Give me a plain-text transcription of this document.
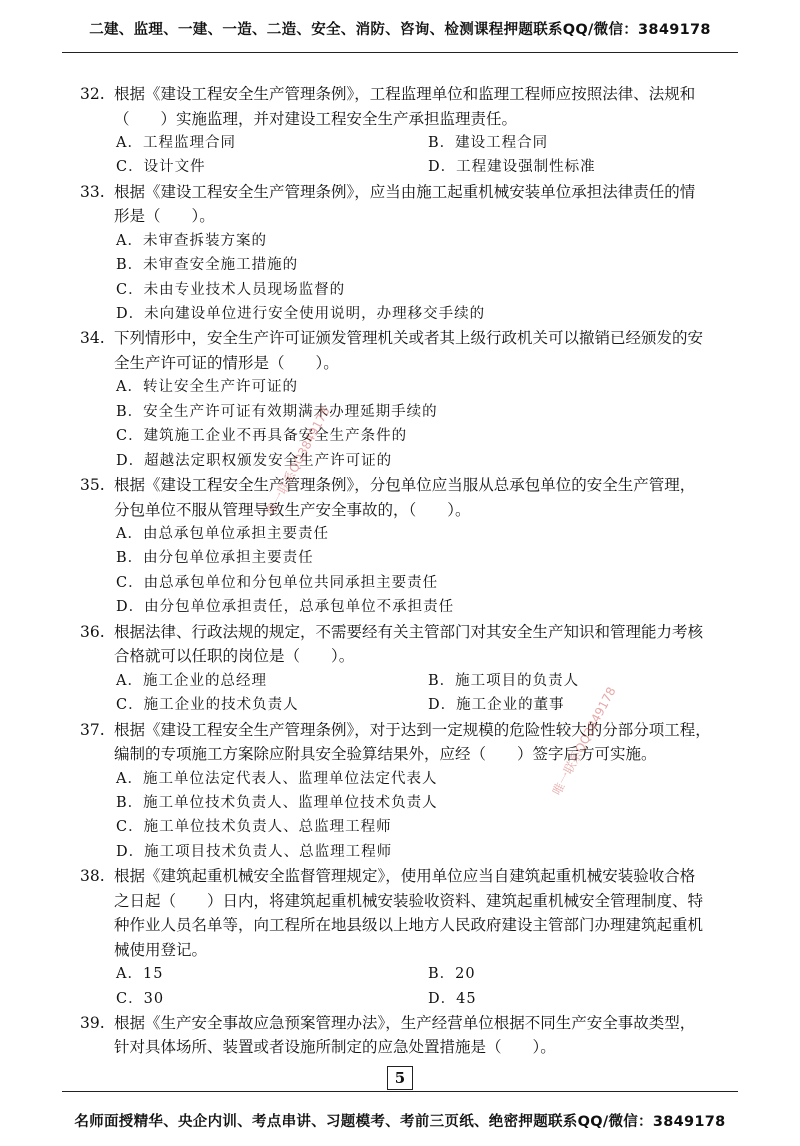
二建、监理、一建、一造、二造、安全、消防、咨询、检测课程押题联系QQ/微信：3849178
32. 根据《建设工程安全生产管理条例》，工程监理单位和监理工程师应按照法律、法规和
（　　）实施监理，并对建设工程安全生产承担监理责任。
A．工程监理合同	B．建设工程合同
C．设计文件	D．工程建设强制性标准
33. 根据《建设工程安全生产管理条例》，应当由施工起重机械安装单位承担法律责任的情
形是（　　）。
A．未审查拆装方案的
B．未审查安全施工措施的
C．未由专业技术人员现场监督的
D．未向建设单位进行安全使用说明，办理移交手续的
34. 下列情形中，安全生产许可证颁发管理机关或者其上级行政机关可以撤销已经颁发的安
全生产许可证的情形是（　　）。
A．转让安全生产许可证的
B．安全生产许可证有效期满未办理延期手续的
C．建筑施工企业不再具备安全生产条件的
D．超越法定职权颁发安全生产许可证的
35. 根据《建设工程安全生产管理条例》，分包单位应当服从总承包单位的安全生产管理，
分包单位不服从管理导致生产安全事故的，（　　）。
A．由总承包单位承担主要责任
B．由分包单位承担主要责任
C．由总承包单位和分包单位共同承担主要责任
D．由分包单位承担责任，总承包单位不承担责任
36. 根据法律、行政法规的规定，不需要经有关主管部门对其安全生产知识和管理能力考核
合格就可以任职的岗位是（　　）。
A．施工企业的总经理	B．施工项目的负责人
C．施工企业的技术负责人	D．施工企业的董事
37. 根据《建设工程安全生产管理条例》，对于达到一定规模的危险性较大的分部分项工程，
编制的专项施工方案除应附具安全验算结果外，应经（　　）签字后方可实施。
A．施工单位法定代表人、监理单位法定代表人
B．施工单位技术负责人、监理单位技术负责人
C．施工单位技术负责人、总监理工程师
D．施工项目技术负责人、总监理工程师
38. 根据《建筑起重机械安全监督管理规定》，使用单位应当自建筑起重机械安装验收合格
之日起（　　）日内，将建筑起重机械安装验收资料、建筑起重机械安全管理制度、特
种作业人员名单等，向工程所在地县级以上地方人民政府建设主管部门办理建筑起重机
械使用登记。
A．15	B．20
C．30	D．45
39. 根据《生产安全事故应急预案管理办法》，生产经营单位根据不同生产安全事故类型，
针对具体场所、装置或者设施所制定的应急处置措施是（　　）。
唯一联系QQ3849178
唯一联系QQ3849178
5
名师面授精华、央企内训、考点串讲、习题模考、考前三页纸、绝密押题联系QQ/微信：3849178
